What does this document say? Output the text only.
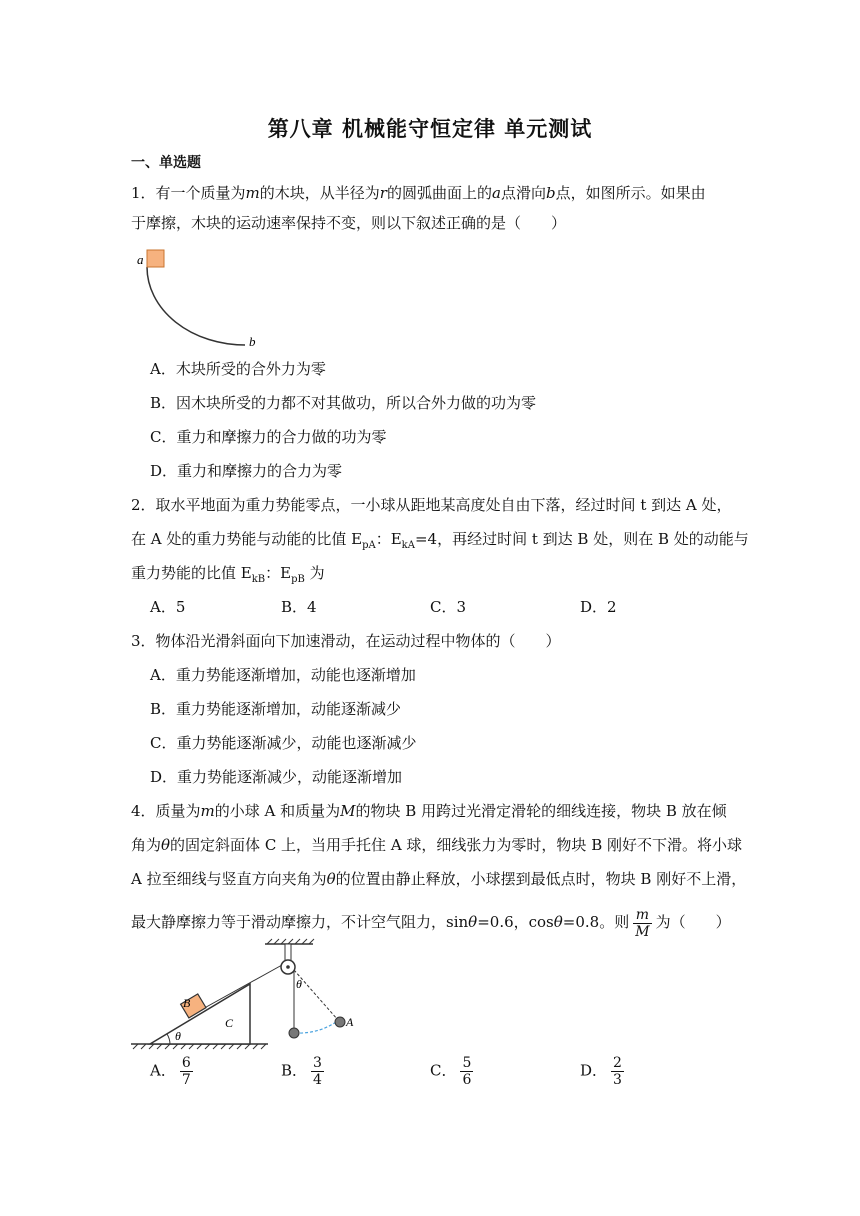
第八章 机械能守恒定律 单元测试
一、单选题
1．有一个质量为m的木块，从半径为r的圆弧曲面上的a点滑向b点，如图所示。如果由
于摩擦，木块的运动速率保持不变，则以下叙述正确的是（　　）
a
b
A．木块所受的合外力为零
B．因木块所受的力都不对其做功，所以合外力做的功为零
C．重力和摩擦力的合力做的功为零
D．重力和摩擦力的合力为零
2．取水平地面为重力势能零点，一小球从距地某高度处自由下落，经过时间 t 到达 A 处，
在 A 处的重力势能与动能的比值 $E_{pA}$：$E_{kA}=4$，再经过时间 t 到达 B 处，则在 B 处的动能与
重力势能的比值 $E_{kB}$：$E_{pB}$ 为
A．5	B．4	C．3	D．2
3．物体沿光滑斜面向下加速滑动，在运动过程中物体的（　　）
A．重力势能逐渐增加，动能也逐渐增加
B．重力势能逐渐增加，动能逐渐减少
C．重力势能逐渐减少，动能也逐渐减少
D．重力势能逐渐减少，动能逐渐增加
4．质量为m的小球 A 和质量为M的物块 B 用跨过光滑定滑轮的细线连接，物块 B 放在倾
角为θ的固定斜面体 C 上，当用手托住 A 球，细线张力为零时，物块 B 刚好不下滑。将小球
A 拉至细线与竖直方向夹角为θ的位置由静止释放，小球摆到最低点时，物块 B 刚好不上滑，
最大静摩擦力等于滑动摩擦力，不计空气阻力，sinθ=0.6，cosθ=0.8。则 $\frac{m}{M}$ 为（　　）
B
C	A
θ
θ
A． $\frac{6}{7}$	B． $\frac{3}{4}$	C． $\frac{5}{6}$	D． $\frac{2}{3}$
